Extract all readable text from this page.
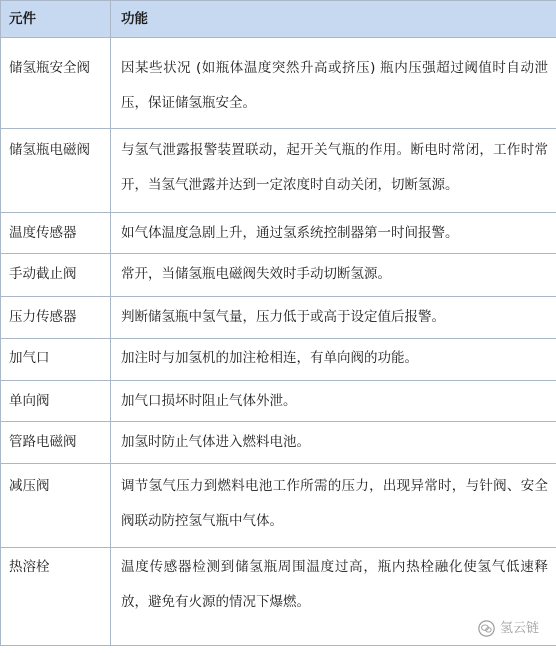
元件	功能
储氢瓶安全阀	因某些状况 (如瓶体温度突然升高或挤压) 瓶内压强超过阈值时自动泄
压，保证储氢瓶安全。

储氢瓶电磁阀	与氢气泄露报警装置联动，起开关气瓶的作用。断电时常闭，工作时常
开，当氢气泄露并达到一定浓度时自动关闭，切断氢源。

温度传感器	如气体温度急剧上升，通过氢系统控制器第一时间报警。

手动截止阀	常开，当储氢瓶电磁阀失效时手动切断氢源。

压力传感器	判断储氢瓶中氢气量，压力低于或高于设定值后报警。

加气口	加注时与加氢机的加注枪相连，有单向阀的功能。

单向阀	加气口损坏时阻止气体外泄。

管路电磁阀	加氢时防止气体进入燃料电池。

减压阀	调节氢气压力到燃料电池工作所需的压力，出现异常时，与针阀、安全
阀联动防控氢气瓶中气体。

热溶栓	温度传感器检测到储氢瓶周围温度过高，瓶内热栓融化使氢气低速释
放，避免有火源的情况下爆燃。
氢云链
